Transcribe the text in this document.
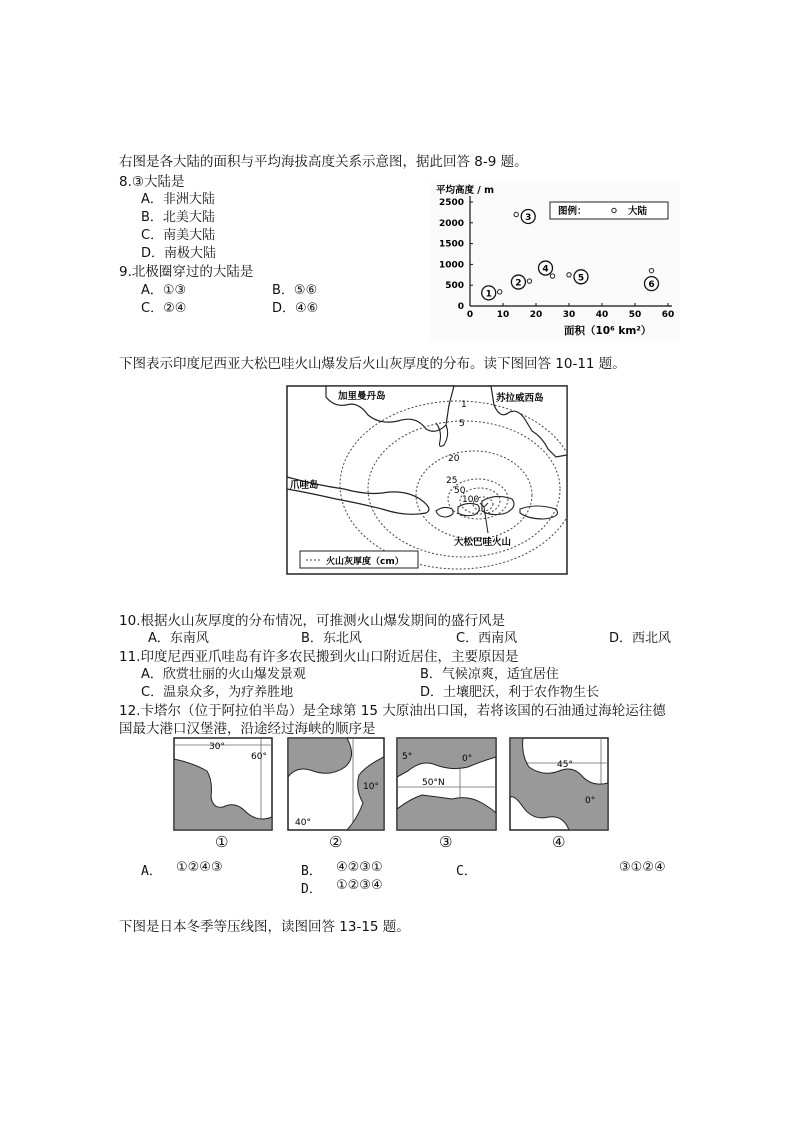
右图是各大陆的面积与平均海拔高度关系示意图，据此回答 8-9 题。
8.③大陆是
A．非洲大陆
B．北美大陆
C．南美大陆
D．南极大陆
9.北极圈穿过的大陆是
A．①③	B．⑤⑥
C．②④	D．④⑥
平均高度 / m
0
500
1000
1500
2000
2500
0	10 20 30 40 50 60
图例：	大陆
1
2
3
4
5
6
面积（10⁶ km²）
下图表示印度尼西亚大松巴哇火山爆发后火山灰厚度的分布。读下图回答 10-11 题。
1
5
20
25
50
100
加里曼丹岛	苏拉威西岛
爪哇岛
大松巴哇火山
火山灰厚度（cm）
10.根据火山灰厚度的分布情况，可推测火山爆发期间的盛行风是
A．东南风	B．东北风	C．西南风	D．西北风
11.印度尼西亚爪哇岛有许多农民搬到火山口附近居住，主要原因是
A．欣赏壮丽的火山爆发景观	B．气候凉爽，适宜居住
C．温泉众多，为疗养胜地	D．土壤肥沃，利于农作物生长
12.卡塔尔（位于阿拉伯半岛）是全球第 15 大原油出口国，若将该国的石油通过海轮运往德
国最大港口汉堡港，沿途经过海峡的顺序是
30°
60°
40°
10°
5°	0°
50°N
45°
0°
①	②	③	④
A． ①②④③	B． ④②③①	C．	③①②④
D． ①②③④
下图是日本冬季等压线图，读图回答 13-15 题。
